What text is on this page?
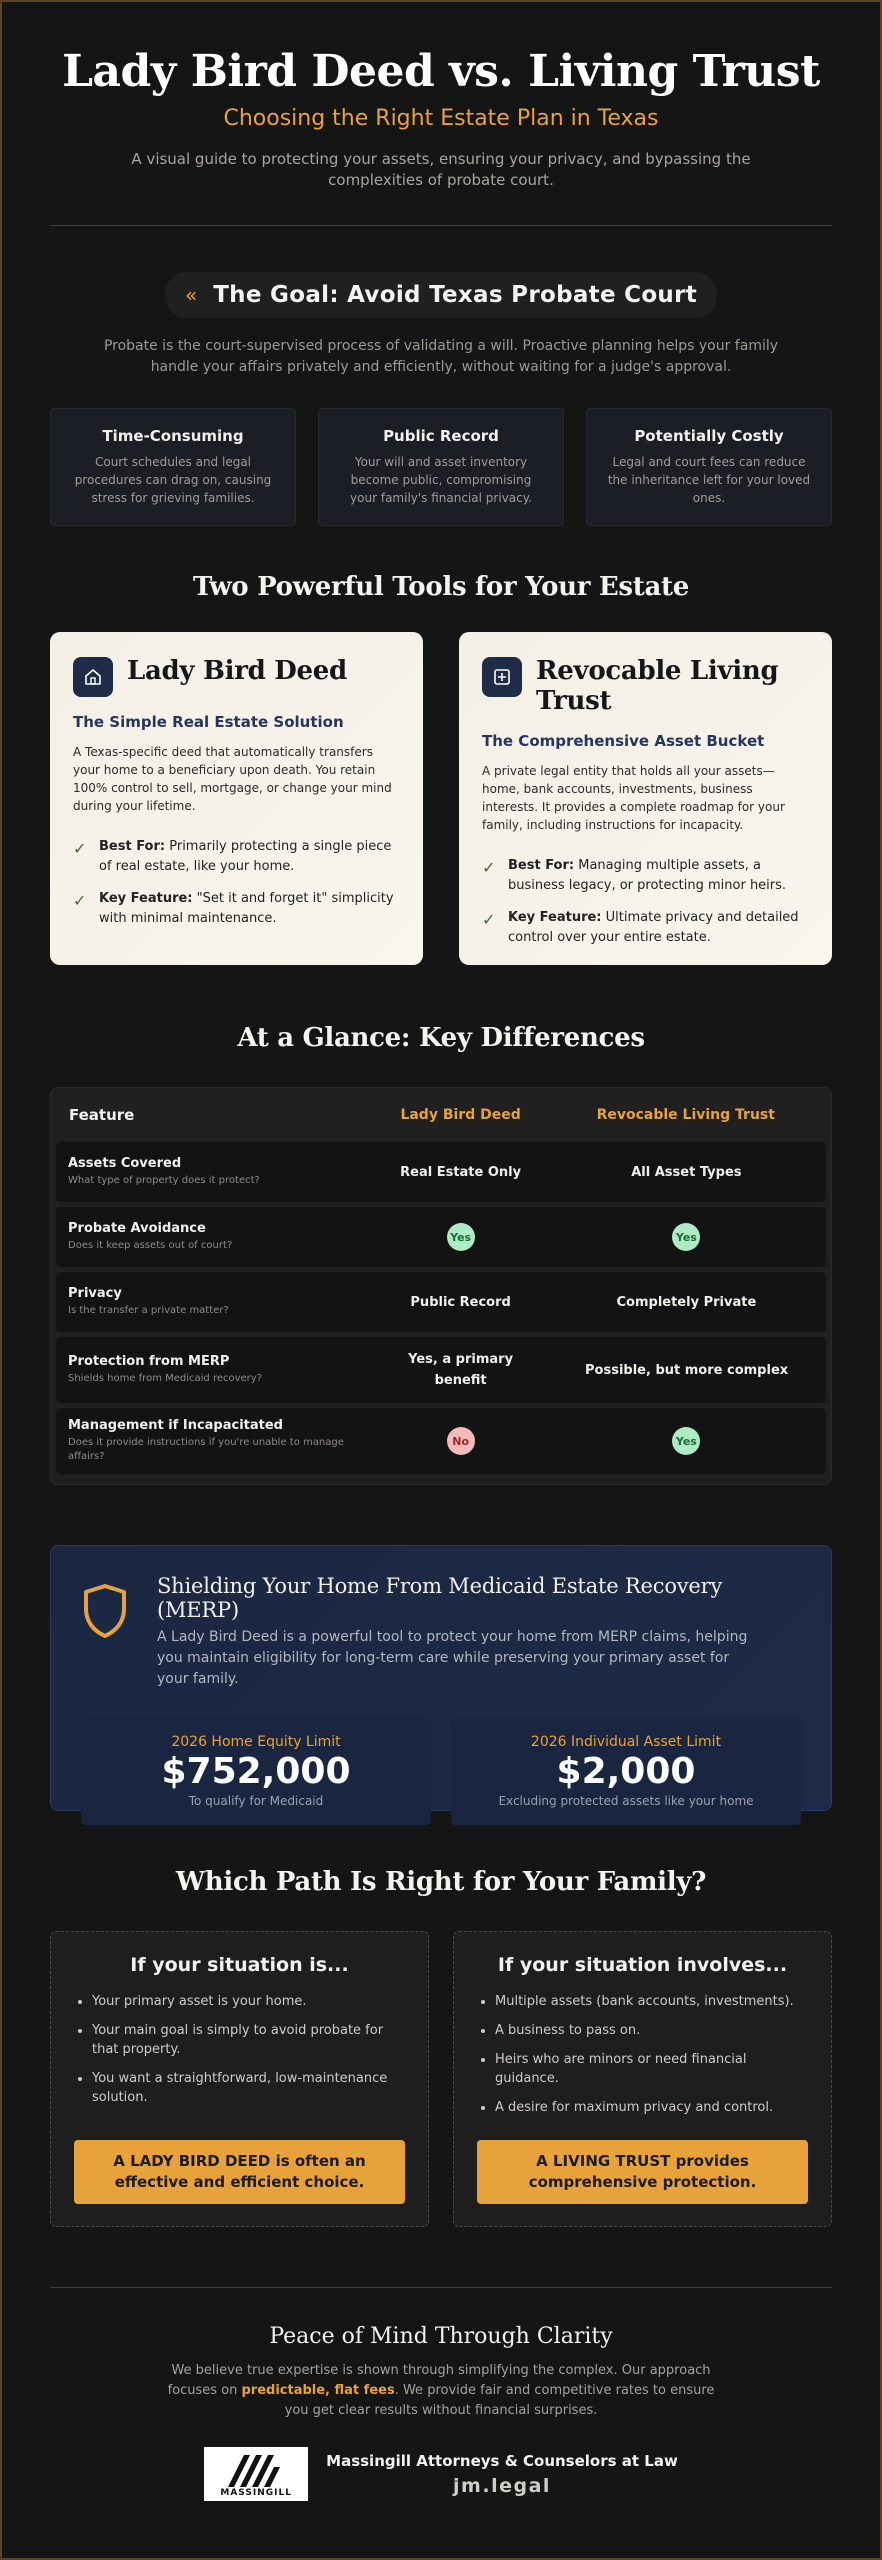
Lady Bird Deed vs. Living Trust
Choosing the Right Estate Plan in Texas

A visual guide to protecting your assets, ensuring your privacy, and bypassing the complexities of probate court.

« The Goal: Avoid Texas Probate Court

Probate is the court-supervised process of validating a will. Proactive planning helps your family handle your affairs privately and efficiently, without waiting for a judge's approval.

Time-Consuming

Court schedules and legal procedures can drag on, causing stress for grieving families.

Public Record

Your will and asset inventory become public, compromising your family's financial privacy.

Potentially Costly

Legal and court fees can reduce the inheritance left for your loved ones.

Two Powerful Tools for Your Estate
Lady Bird Deed
The Simple Real Estate Solution

A Texas-specific deed that automatically transfers your home to a beneficiary upon death. You retain 100% control to sell, mortgage, or change your mind during your lifetime.

✓ Best For: Primarily protecting a single piece of real estate, like your home.
✓ Key Feature: "Set it and forget it" simplicity with minimal maintenance.
Revocable Living Trust
The Comprehensive Asset Bucket

A private legal entity that holds all your assets—home, bank accounts, investments, business interests. It provides a complete roadmap for your family, including instructions for incapacity.

✓ Best For: Managing multiple assets, a business legacy, or protecting minor heirs.
✓ Key Feature: Ultimate privacy and detailed control over your entire estate.
At a Glance: Key Differences
Feature	Lady Bird Deed	Revocable Living Trust
Assets Covered
What type of property does it protect?
Real Estate Only	All Asset Types
Probate Avoidance
Does it keep assets out of court?
Yes	Yes
Privacy
Is the transfer a private matter?
Public Record	Completely Private
Protection from MERP
Shields home from Medicaid recovery?
Yes, a primary benefit
Possible, but more complex
Management if Incapacitated
Does it provide instructions if you're unable to manage affairs?
No	Yes
Shielding Your Home From Medicaid Estate Recovery (MERP)

A Lady Bird Deed is a powerful tool to protect your home from MERP claims, helping you maintain eligibility for long-term care while preserving your primary asset for your family.

2026 Home Equity Limit
$752,000
To qualify for Medicaid
2026 Individual Asset Limit
$2,000
Excluding protected assets like your home
Which Path Is Right for Your Family?
If your situation is...
• Your primary asset is your home.
• Your main goal is simply to avoid probate for that property.
• You want a straightforward, low-maintenance solution.
A LADY BIRD DEED is often an effective and efficient choice.
If your situation involves...
• Multiple assets (bank accounts, investments).
• A business to pass on.
• Heirs who are minors or need financial guidance.
• A desire for maximum privacy and control.
A LIVING TRUST provides comprehensive protection.
Peace of Mind Through Clarity

We believe true expertise is shown through simplifying the complex. Our approach focuses on predictable, flat fees. We provide fair and competitive rates to ensure you get clear results without financial surprises.

MASSINGILL
Massingill Attorneys & Counselors at Law
jm.legal
